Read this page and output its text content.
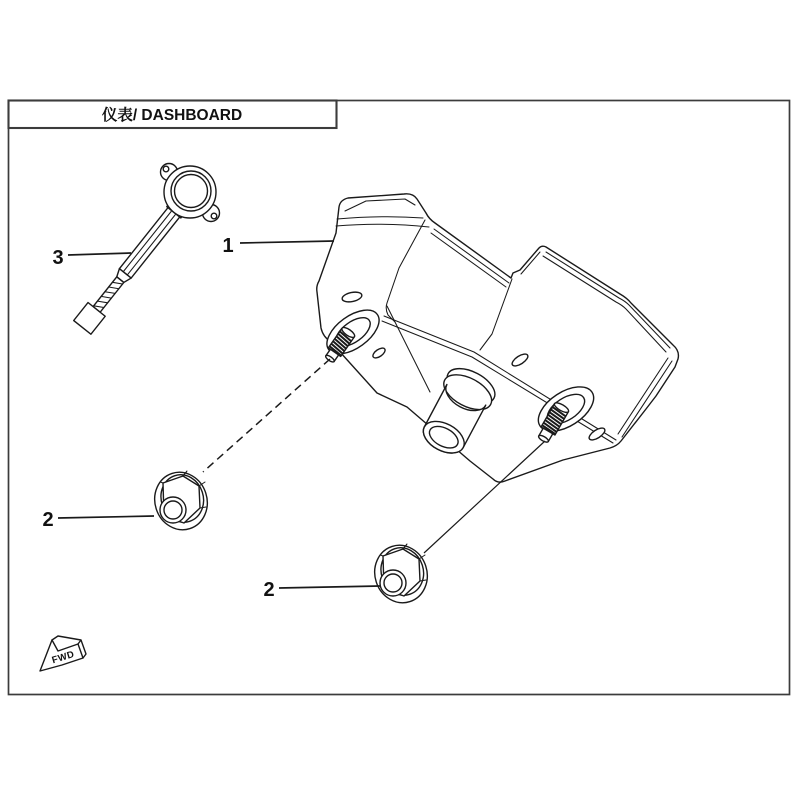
仪表/ DASHBOARD
1
2
2
3
FWD
